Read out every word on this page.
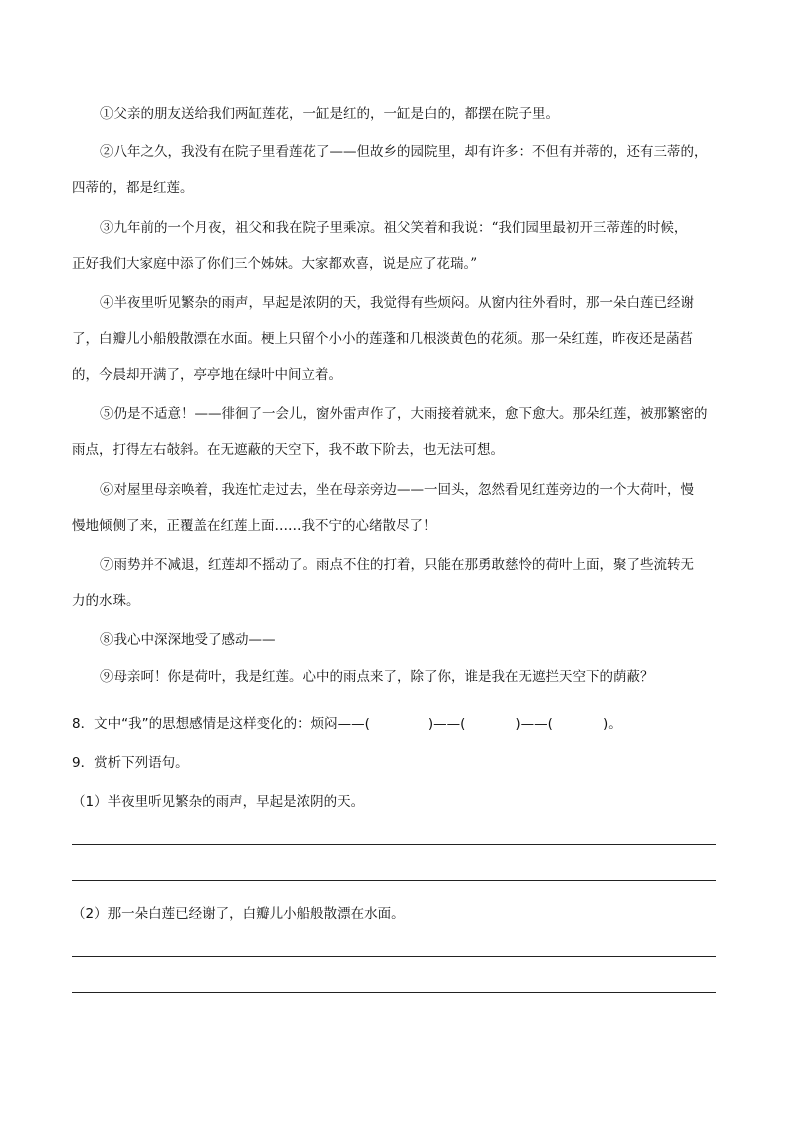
①父亲的朋友送给我们两缸莲花，一缸是红的，一缸是白的，都摆在院子里。
②八年之久，我没有在院子里看莲花了——但故乡的园院里，却有许多：不但有并蒂的，还有三蒂的，
四蒂的，都是红莲。
③九年前的一个月夜，祖父和我在院子里乘凉。祖父笑着和我说：“我们园里最初开三蒂莲的时候，
正好我们大家庭中添了你们三个姊妹。大家都欢喜，说是应了花瑞。”
④半夜里听见繁杂的雨声，早起是浓阴的天，我觉得有些烦闷。从窗内往外看时，那一朵白莲已经谢
了，白瓣儿小船般散漂在水面。梗上只留个小小的莲蓬和几根淡黄色的花须。那一朵红莲，昨夜还是菡萏
的，今晨却开满了，亭亭地在绿叶中间立着。
⑤仍是不适意！——徘徊了一会儿，窗外雷声作了，大雨接着就来，愈下愈大。那朵红莲，被那繁密的
雨点，打得左右敧斜。在无遮蔽的天空下，我不敢下阶去，也无法可想。
⑥对屋里母亲唤着，我连忙走过去，坐在母亲旁边——一回头，忽然看见红莲旁边的一个大荷叶，慢
慢地倾侧了来，正覆盖在红莲上面……我不宁的心绪散尽了！
⑦雨势并不减退，红莲却不摇动了。雨点不住的打着，只能在那勇敢慈怜的荷叶上面，聚了些流转无
力的水珠。
⑧我心中深深地受了感动——
⑨母亲呵！你是荷叶，我是红莲。心中的雨点来了，除了你，谁是我在无遮拦天空下的荫蔽？
8．文中“我”的思想感情是这样变化的：烦闷——(	)——(	)——(	)。
9．赏析下列语句。
（1）半夜里听见繁杂的雨声，早起是浓阴的天。
（2）那一朵白莲已经谢了，白瓣儿小船般散漂在水面。
